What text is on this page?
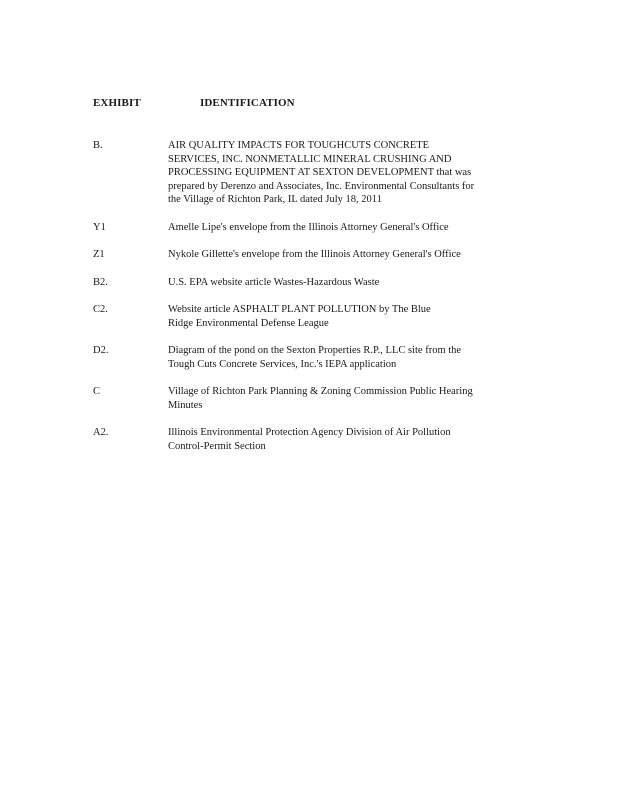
EXHIBIT	IDENTIFICATION
B.	AIR QUALITY IMPACTS FOR TOUGHCUTS CONCRETE
SERVICES, INC. NONMETALLIC MINERAL CRUSHING AND
PROCESSING EQUIPMENT AT SEXTON DEVELOPMENT that was
prepared by Derenzo and Associates, Inc. Environmental Consultants for
the Village of Richton Park, IL dated July 18, 2011
Y1	Amelle Lipe's envelope from the Illinois Attorney General's Office
Z1	Nykole Gillette's envelope from the Illinois Attorney General's Office
B2.	U.S. EPA website article Wastes-Hazardous Waste
C2.	Website article ASPHALT PLANT POLLUTION by The Blue
Ridge Environmental Defense League
D2.	Diagram of the pond on the Sexton Properties R.P., LLC site from the
Tough Cuts Concrete Services, Inc.'s IEPA application
C	Village of Richton Park Planning & Zoning Commission Public Hearing
Minutes
A2.	Illinois Environmental Protection Agency Division of Air Pollution
Control-Permit Section
